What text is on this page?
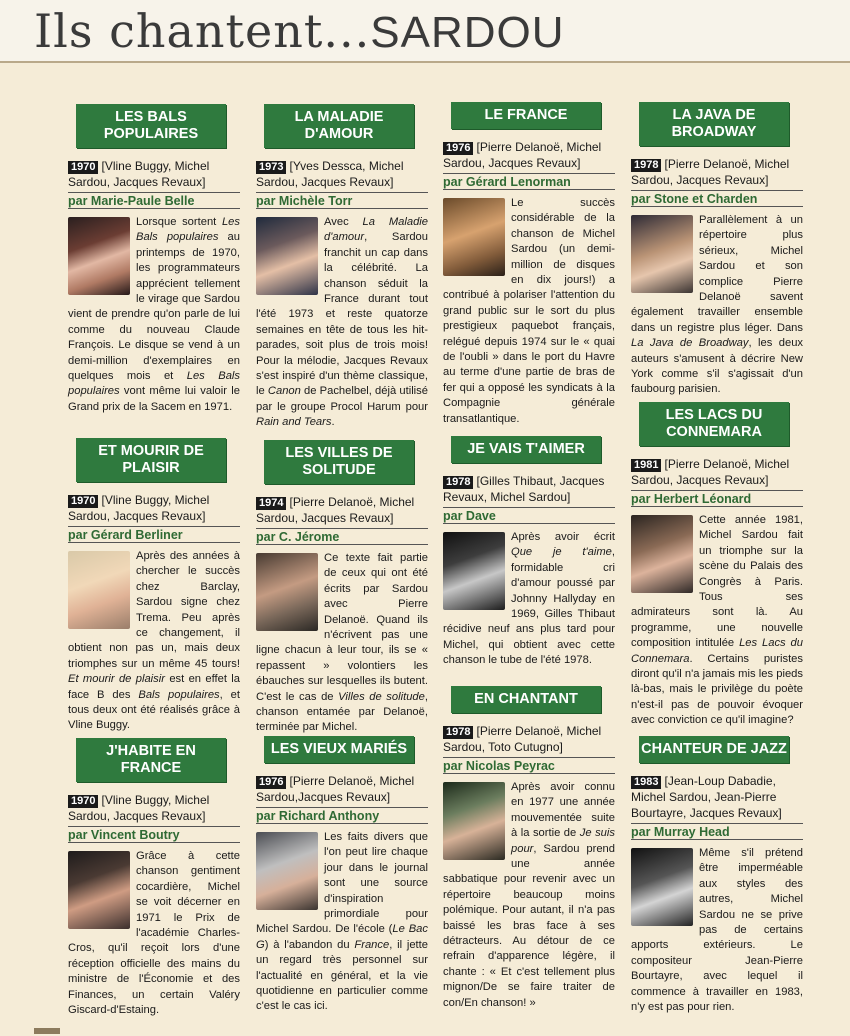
Ils chantent...SARDOU
LES BALS POPULAIRES
1970 [Vline Buggy, Michel Sardou, Jacques Revaux]
par Marie-Paule Belle
Lorsque sortent Les Bals populaires au printemps de 1970, les programmateurs apprécient tellement le virage que Sardou vient de prendre qu'on parle de lui comme du nouveau Claude François. Le disque se vend à un demi-million d'exemplaires en quelques mois et Les Bals populaires vont même lui valoir le Grand prix de la Sacem en 1971.
ET MOURIR DE PLAISIR
1970 [Vline Buggy, Michel Sardou, Jacques Revaux]
par Gérard Berliner
Après des années à chercher le succès chez Barclay, Sardou signe chez Trema. Peu après ce changement, il obtient non pas un, mais deux triomphes sur un même 45 tours! Et mourir de plaisir est en effet la face B des Bals populaires, et tous deux ont été réalisés grâce à Vline Buggy.
J'HABITE EN FRANCE
1970 [Vline Buggy, Michel Sardou, Jacques Revaux]
par Vincent Boutry
Grâce à cette chanson gentiment cocardière, Michel se voit décerner en 1971 le Prix de l'académie Charles-Cros, qu'il reçoit lors d'une réception officielle des mains du ministre de l'Économie et des Finances, un certain Valéry Giscard-d'Estaing.
LA MALADIE D'AMOUR
1973 [Yves Dessca, Michel Sardou, Jacques Revaux]
par Michèle Torr
Avec La Maladie d'amour, Sardou franchit un cap dans la célébrité. La chanson séduit la France durant tout l'été 1973 et reste quatorze semaines en tête de tous les hit-parades, soit plus de trois mois! Pour la mélodie, Jacques Revaux s'est inspiré d'un thème classique, le Canon de Pachelbel, déjà utilisé par le groupe Procol Harum pour Rain and Tears.
LES VILLES DE SOLITUDE
1974 [Pierre Delanoë, Michel Sardou, Jacques Revaux]
par C. Jérome
Ce texte fait partie de ceux qui ont été écrits par Sardou avec Pierre Delanoë. Quand ils n'écrivent pas une ligne chacun à leur tour, ils se « repassent » volontiers les ébauches sur lesquelles ils butent. C'est le cas de Villes de solitude, chanson entamée par Delanoë, terminée par Michel.
LES VIEUX MARIÉS
1976 [Pierre Delanoë, Michel Sardou,Jacques Revaux]
par Richard Anthony
Les faits divers que l'on peut lire chaque jour dans le journal sont une source d'inspiration primordiale pour Michel Sardou. De l'école (Le Bac G) à l'abandon du France, il jette un regard très personnel sur l'actualité en général, et la vie quotidienne en particulier comme c'est le cas ici.
LE FRANCE
1976 [Pierre Delanoë, Michel Sardou, Jacques Revaux]
par Gérard Lenorman
Le succès considérable de la chanson de Michel Sardou (un demi-million de disques en dix jours!) a contribué à polariser l'attention du grand public sur le sort du plus prestigieux paquebot français, relégué depuis 1974 sur le « quai de l'oubli » dans le port du Havre au terme d'une partie de bras de fer qui a opposé les syndicats à la Compagnie générale transatlantique.
JE VAIS T'AIMER
1978 [Gilles Thibaut, Jacques Revaux, Michel Sardou]
par Dave
Après avoir écrit Que je t'aime, formidable cri d'amour poussé par Johnny Hallyday en 1969, Gilles Thibaut récidive neuf ans plus tard pour Michel, qui obtient avec cette chanson le tube de l'été 1978.
EN CHANTANT
1978 [Pierre Delanoë, Michel Sardou, Toto Cutugno]
par Nicolas Peyrac
Après avoir connu en 1977 une année mouvementée suite à la sortie de Je suis pour, Sardou prend une année sabbatique pour revenir avec un répertoire beaucoup moins polémique. Pour autant, il n'a pas baissé les bras face à ses détracteurs. Au détour de ce refrain d'apparence légère, il chante : « Et c'est tellement plus mignon/De se faire traiter de con/En chanson! »
LA JAVA DE BROADWAY
1978 [Pierre Delanoë, Michel Sardou, Jacques Revaux]
par Stone et Charden
Parallèlement à un répertoire plus sérieux, Michel Sardou et son complice Pierre Delanoë savent également travailler ensemble dans un registre plus léger. Dans La Java de Broadway, les deux auteurs s'amusent à décrire New York comme s'il s'agissait d'un faubourg parisien.
LES LACS DU CONNEMARA
1981 [Pierre Delanoë, Michel Sardou, Jacques Revaux]
par Herbert Léonard
Cette année 1981, Michel Sardou fait un triomphe sur la scène du Palais des Congrès à Paris. Tous ses admirateurs sont là. Au programme, une nouvelle composition intitulée Les Lacs du Connemara. Certains puristes diront qu'il n'a jamais mis les pieds là-bas, mais le privilège du poète n'est-il pas de pouvoir évoquer avec conviction ce qu'il imagine?
CHANTEUR DE JAZZ
1983 [Jean-Loup Dabadie, Michel Sardou, Jean-Pierre Bourtayre, Jacques Revaux]
par Murray Head
Même s'il prétend être imperméable aux styles des autres, Michel Sardou ne se prive pas de certains apports extérieurs. Le compositeur Jean-Pierre Bourtayre, avec lequel il commence à travailler en 1983, n'y est pas pour rien.
